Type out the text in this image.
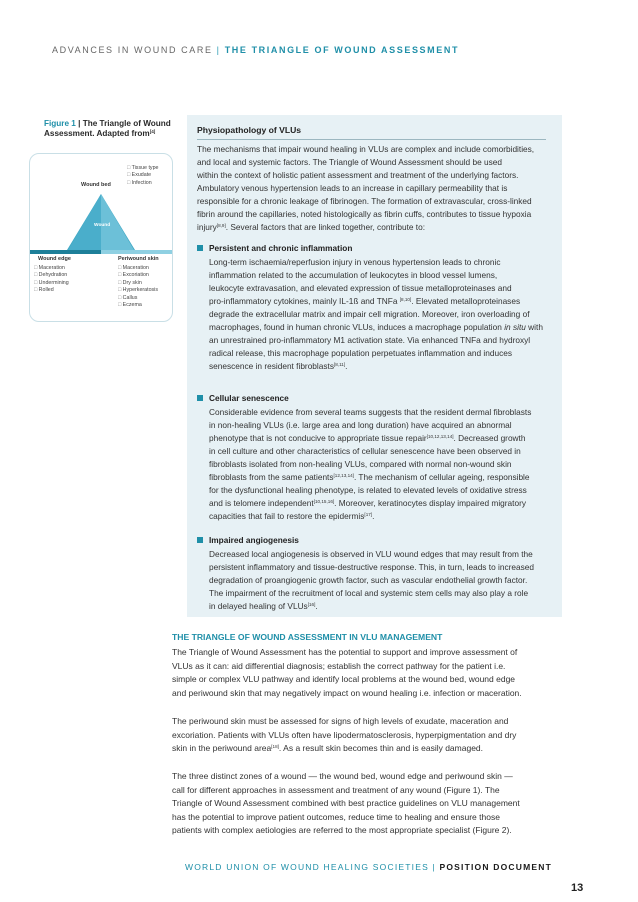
ADVANCES IN WOUND CARE | THE TRIANGLE OF WOUND ASSESSMENT
Figure 1 | The Triangle of Wound Assessment. Adapted from[4]
Wound
Wound bed
□ Tissue type
□ Exudate
□ Infection
Wound edge
□ Maceration
□ Dehydration
□ Undermining
□ Rolled
Periwound skin
□ Maceration
□ Excoriation
□ Dry skin
□ Hyperkeratosis
□ Callus
□ Eczema
Physiopathology of VLUs
The mechanisms that impair wound healing in VLUs are complex and include comorbidities,
and local and systemic factors. The Triangle of Wound Assessment should be used
within the context of holistic patient assessment and treatment of the underlying factors.
Ambulatory venous hypertension leads to an increase in capillary permeability that is
responsible for a chronic leakage of fibrinogen. The formation of extravascular, cross-linked
fibrin around the capillaries, noted histologically as fibrin cuffs, contributes to tissue hypoxia
injury[8,9]. Several factors that are linked together, contribute to:
Persistent and chronic inflammation
Long-term ischaemia/reperfusion injury in venous hypertension leads to chronic
inflammation related to the accumulation of leukocytes in blood vessel lumens,
leukocyte extravasation, and elevated expression of tissue metalloproteinases and
pro-inflammatory cytokines, mainly IL-1ß and TNFa [8,10]. Elevated metalloproteinases
degrade the extracellular matrix and impair cell migration. Moreover, iron overloading of
macrophages, found in human chronic VLUs, induces a macrophage population in situ with
an unrestrained pro-inflammatory M1 activation state. Via enhanced TNFa and hydroxyl
radical release, this macrophage population perpetuates inflammation and induces
senescence in resident fibroblasts[8,11].
Cellular senescence
Considerable evidence from several teams suggests that the resident dermal fibroblasts
in non-healing VLUs (i.e. large area and long duration) have acquired an abnormal
phenotype that is not conducive to appropriate tissue repair[10,12,13,14]. Decreased growth
in cell culture and other characteristics of cellular senescence have been observed in
fibroblasts isolated from non-healing VLUs, compared with normal non-wound skin
fibroblasts from the same patients[12,13,14]. The mechanism of cellular ageing, responsible
for the dysfunctional healing phenotype, is related to elevated levels of oxidative stress
and is telomere independent[10,15,16]. Moreover, keratinocytes display impaired migratory
capacities that fail to restore the epidermis[17].
Impaired angiogenesis
Decreased local angiogenesis is observed in VLU wound edges that may result from the
persistent inflammatory and tissue-destructive response. This, in turn, leads to increased
degradation of proangiogenic growth factor, such as vascular endothelial growth factor.
The impairment of the recruitment of local and systemic stem cells may also play a role
in delayed healing of VLUs[16].
THE TRIANGLE OF WOUND ASSESSMENT IN VLU MANAGEMENT
The Triangle of Wound Assessment has the potential to support and improve assessment of
VLUs as it can: aid differential diagnosis; establish the correct pathway for the patient i.e.
simple or complex VLU pathway and identify local problems at the wound bed, wound edge
and periwound skin that may negatively impact on wound healing i.e. infection or maceration.
The periwound skin must be assessed for signs of high levels of exudate, maceration and
excoriation. Patients with VLUs often have lipodermatosclerosis, hyperpigmentation and dry
skin in the periwound area[18]. As a result skin becomes thin and is easily damaged.
The three distinct zones of a wound — the wound bed, wound edge and periwound skin —
call for different approaches in assessment and treatment of any wound (Figure 1). The
Triangle of Wound Assessment combined with best practice guidelines on VLU management
has the potential to improve patient outcomes, reduce time to healing and ensure those
patients with complex aetiologies are referred to the most appropriate specialist (Figure 2).
WORLD UNION OF WOUND HEALING SOCIETIES | POSITION DOCUMENT
13
